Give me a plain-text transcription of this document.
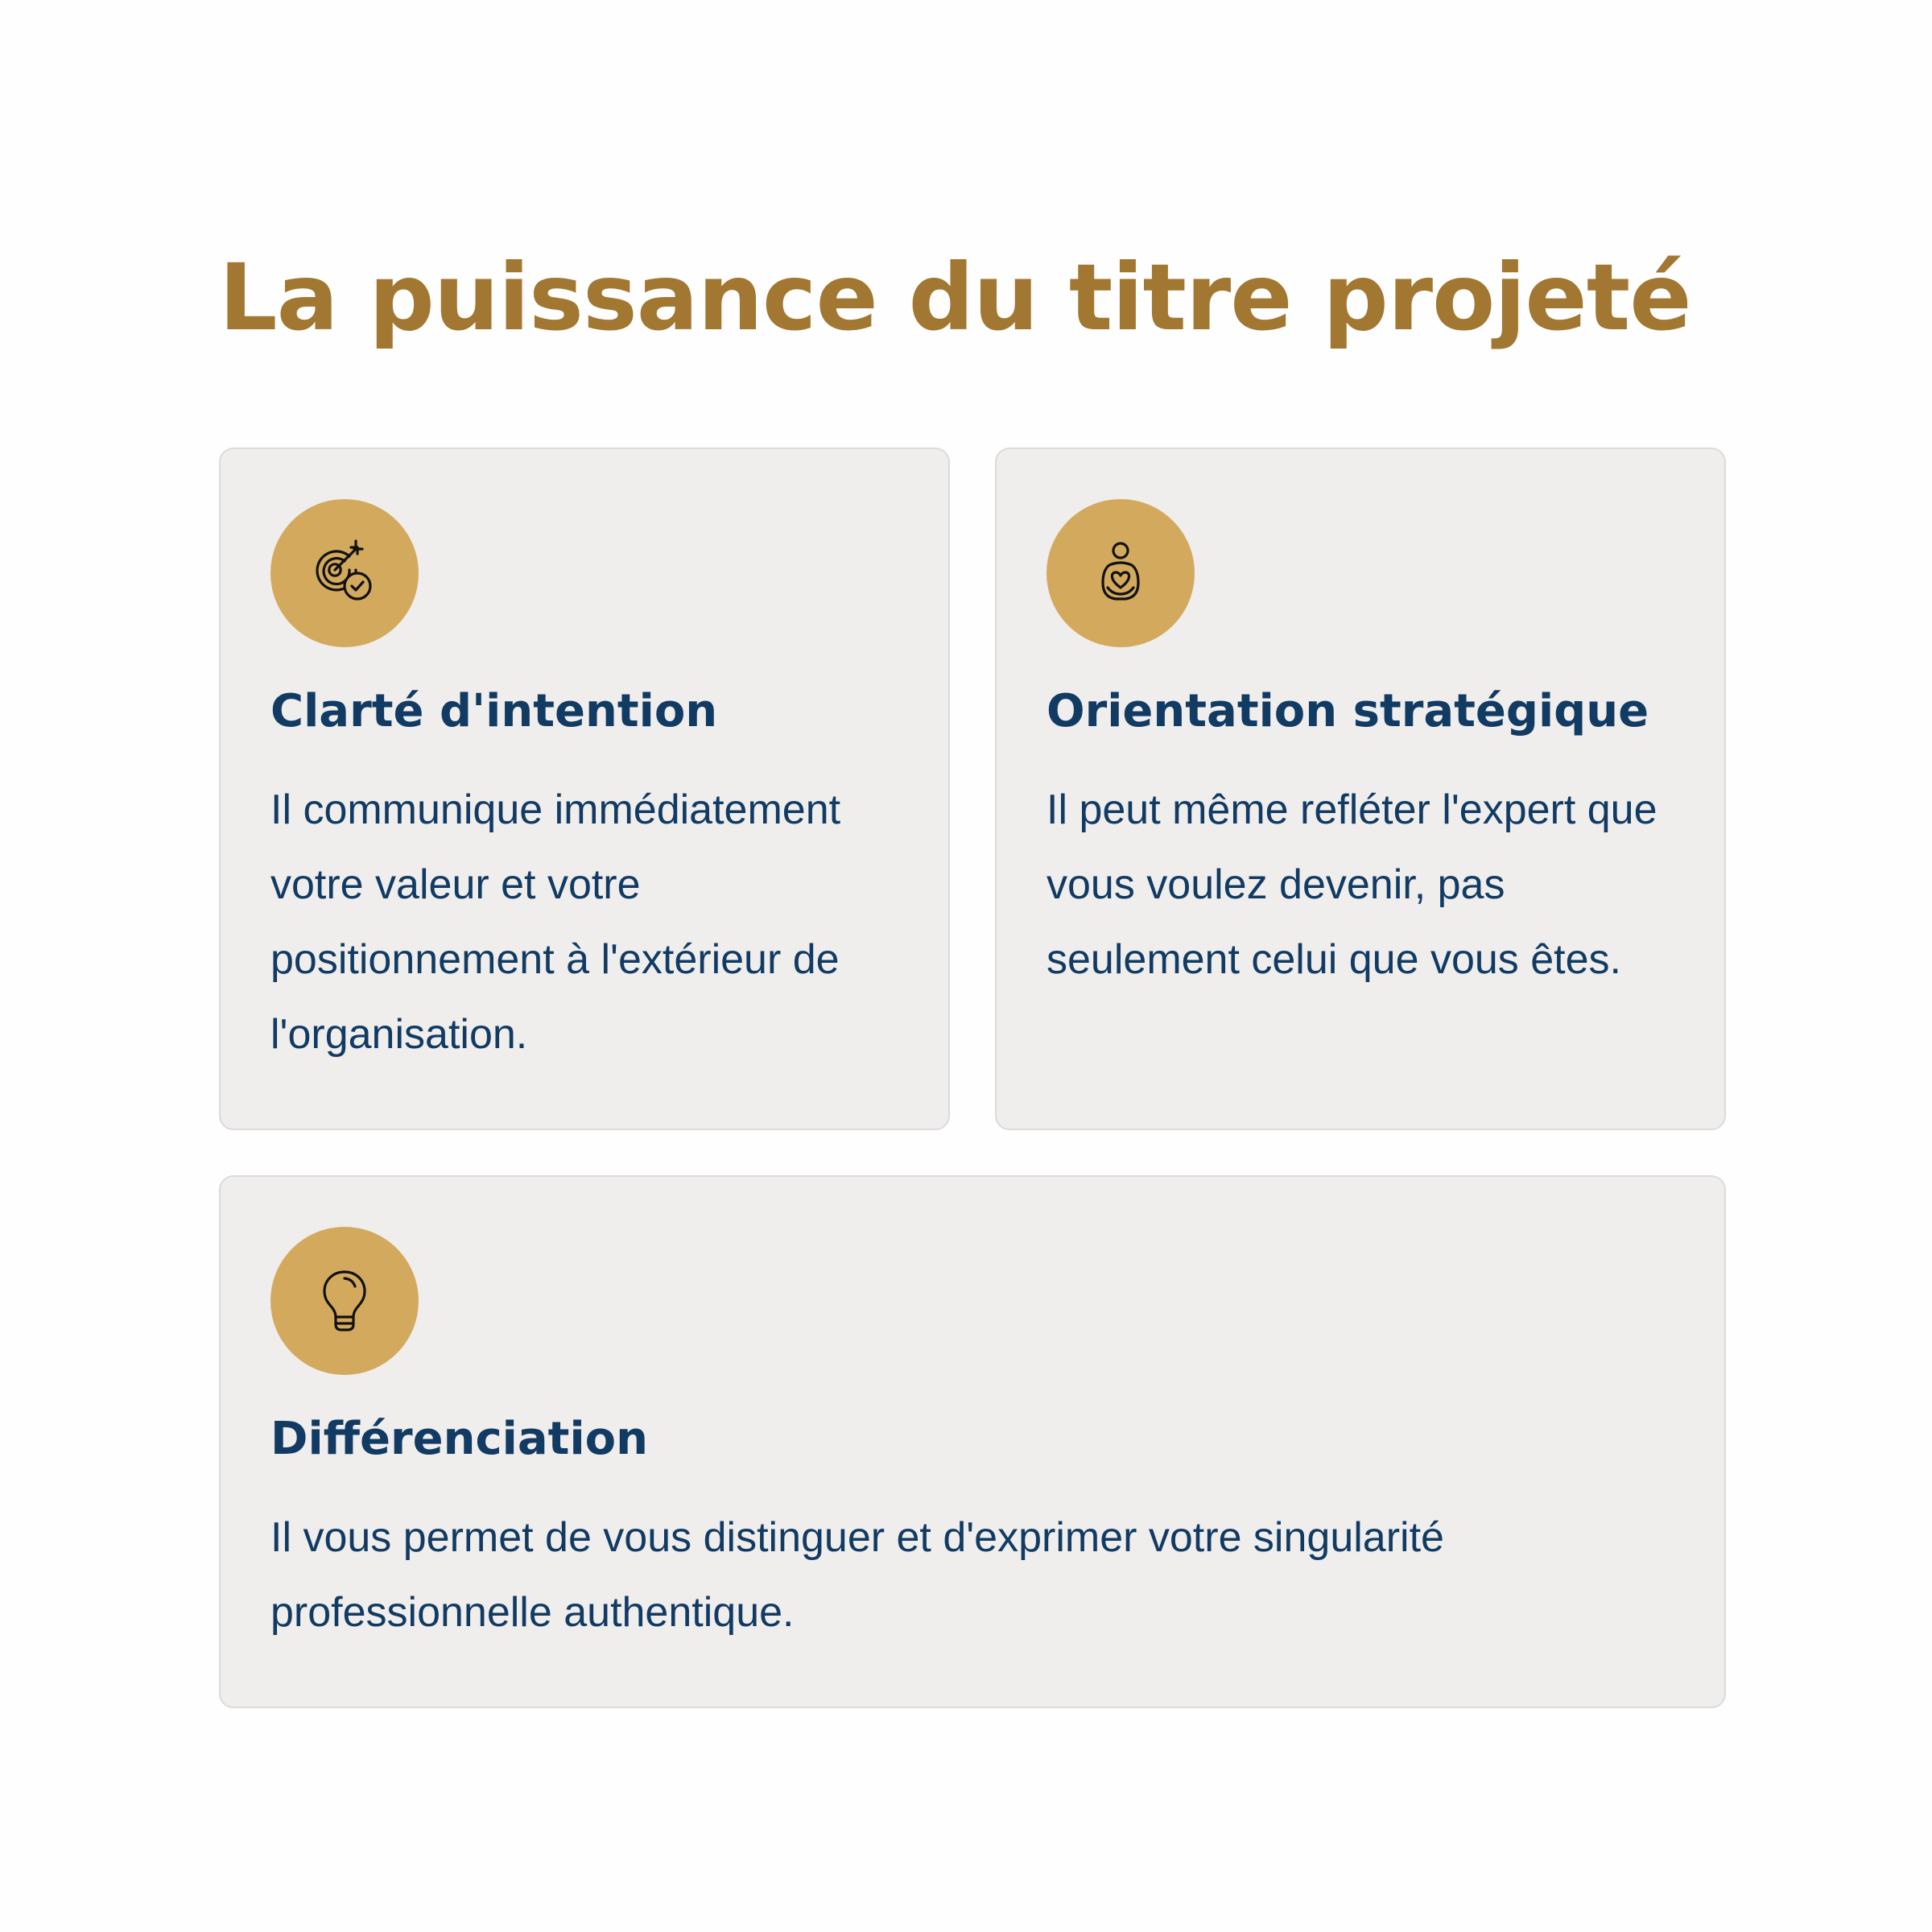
La puissance du titre projeté
Clarté d'intention

Il communique immédiatement votre valeur et votre positionnement à l'extérieur de l'organisation.

Orientation stratégique

Il peut même refléter l'expert que vous voulez devenir, pas seulement celui que vous êtes.

Différenciation

Il vous permet de vous distinguer et d'exprimer votre singularité professionnelle authentique.
